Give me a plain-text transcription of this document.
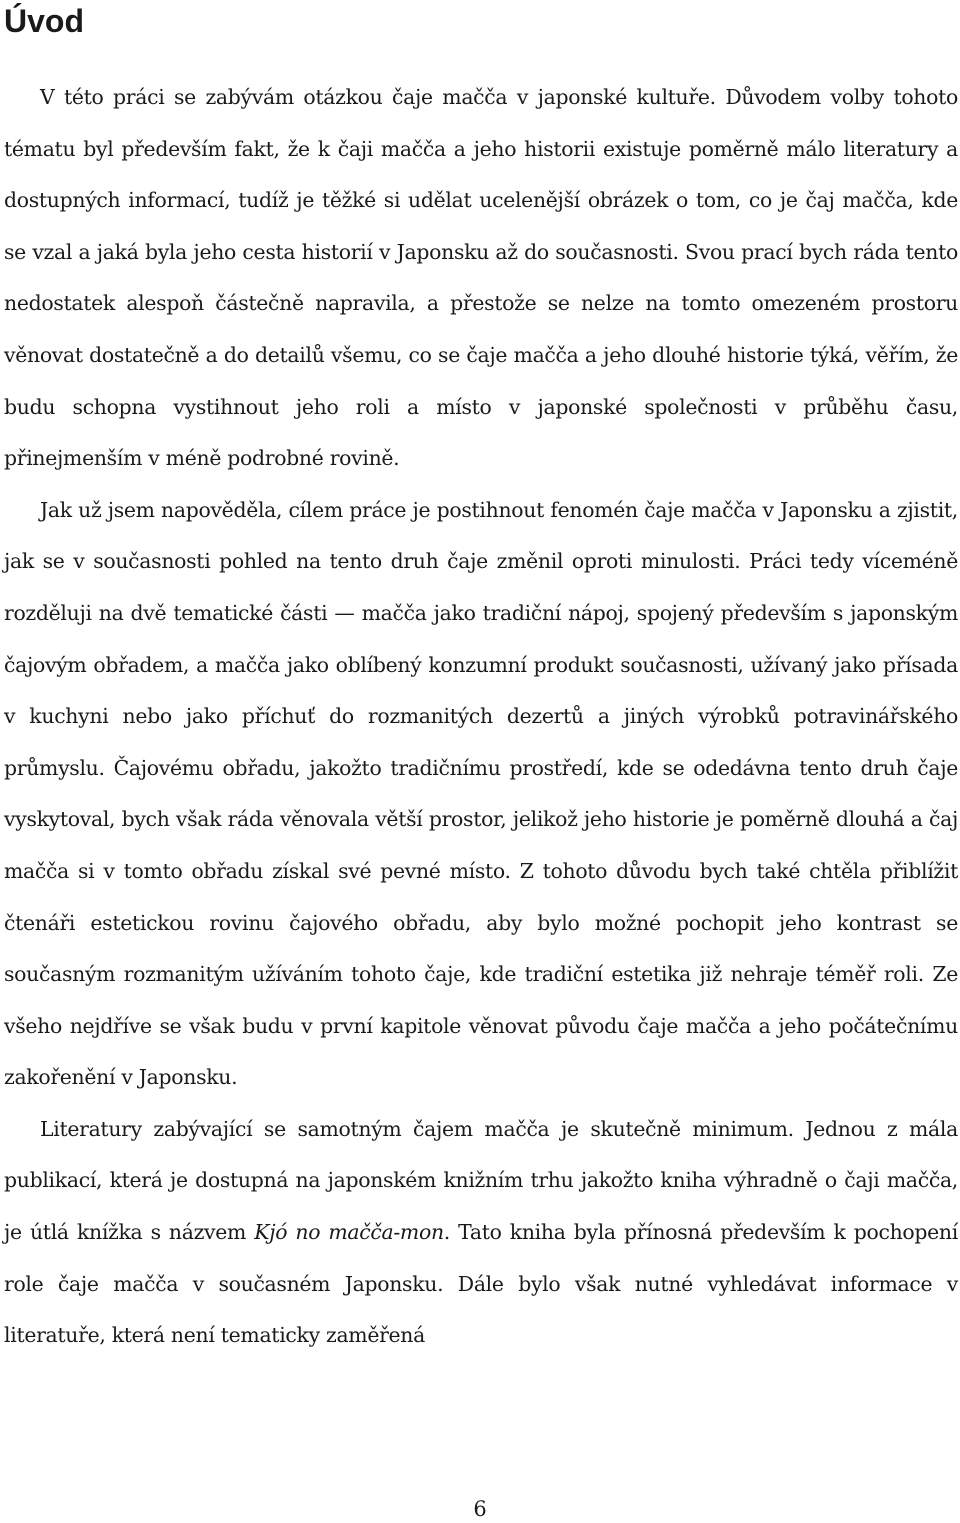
Úvod

V této práci se zabývám otázkou čaje maččа v japonské kultuře. Důvodem volby tohoto tématu byl především fakt, že k čaji maččа a jeho historii existuje poměrně málo literatury a dostupných informací, tudíž je těžké si udělat ucelenější obrázek o tom, co je čaj maččа, kde se vzal a jaká byla jeho cesta historií v Japonsku až do současnosti. Svou prací bych ráda tento nedostatek alespoň částečně napravila, a přestože se nelze na tomto omezeném prostoru věnovat dostatečně a do detailů všemu, co se čaje maččа a jeho dlouhé historie týká, věřím, že budu schopna vystihnout jeho roli a místo v japonské společnosti v průběhu času, přinejmenším v méně podrobné rovině.

Jak už jsem napověděla, cílem práce je postihnout fenomén čaje maččа v Japonsku a zjistit, jak se v současnosti pohled na tento druh čaje změnil oproti minulosti. Práci tedy víceméně rozděluji na dvě tematické části — maččа jako tradiční nápoj, spojený především s japonským čajovým obřadem, a maččа jako oblíbený konzumní produkt současnosti, užívaný jako přísada v kuchyni nebo jako příchuť do rozmanitých dezertů a jiných výrobků potravinářského průmyslu. Čajovému obřadu, jakožto tradičnímu prostředí, kde se odedávna tento druh čaje vyskytoval, bych však ráda věnovala větší prostor, jelikož jeho historie je poměrně dlouhá a čaj maččа si v tomto obřadu získal své pevné místo. Z tohoto důvodu bych také chtěla přiblížit čtenáři estetickou rovinu čajového obřadu, aby bylo možné pochopit jeho kontrast se současným rozmanitým užíváním tohoto čaje, kde tradiční estetika již nehraje téměř roli. Ze všeho nejdříve se však budu v první kapitole věnovat původu čaje maččа a jeho počátečnímu zakořenění v Japonsku.

Literatury zabývající se samotným čajem maččа je skutečně minimum. Jednou z mála publikací, která je dostupná na japonském knižním trhu jakožto kniha výhradně o čaji maččа, je útlá knížka s názvem Kjó no maččа-mon. Tato kniha byla přínosná především k pochopení role čaje maččа v současném Japonsku. Dále bylo však nutné vyhledávat informace v literatuře, která není tematicky zaměřená

6
